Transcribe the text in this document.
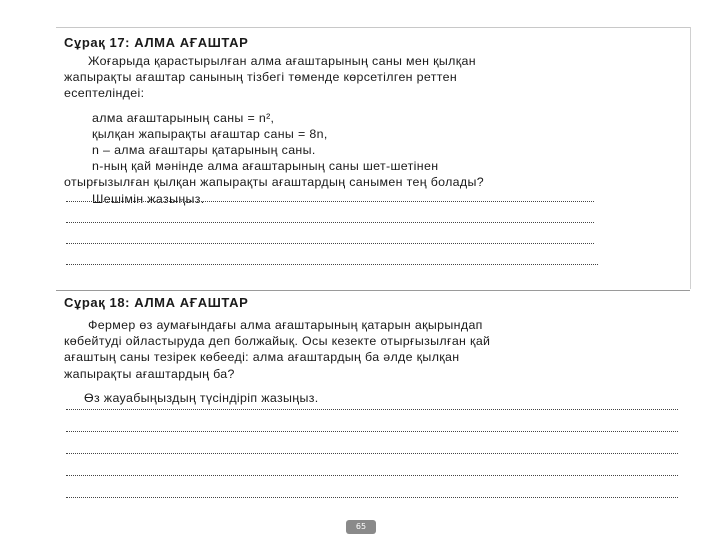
Сұрақ 17: АЛМА АҒАШТАР

Жоғарыда қарастырылған алма ағаштарының саны мен қылқан

жапырақты ағаштар санының тізбегі төменде көрсетілген реттен

есептеліндеі:

алма ағаштарының саны = n²,

қылқан жапырақты ағаштар саны = 8n,

n – алма ағаштары қатарының саны.

n-ның қай мәнінде алма ағаштарының саны шет-шетінен

отырғызылған қылқан жапырақты ағаштардың санымен тең болады?

Шешімін жазыңыз.

Сұрақ 18: АЛМА АҒАШТАР

Фермер өз аумағындағы алма ағаштарының қатарын ақырындап

көбейтуді ойластыруда деп болжайық. Осы кезекте отырғызылған қай

ағаштың саны тезірек көбееді: алма ағаштардың ба әлде қылқан

жапырақты ағаштардың ба?

Өз жауабыңыздың түсіндіріп жазыңыз.

65
